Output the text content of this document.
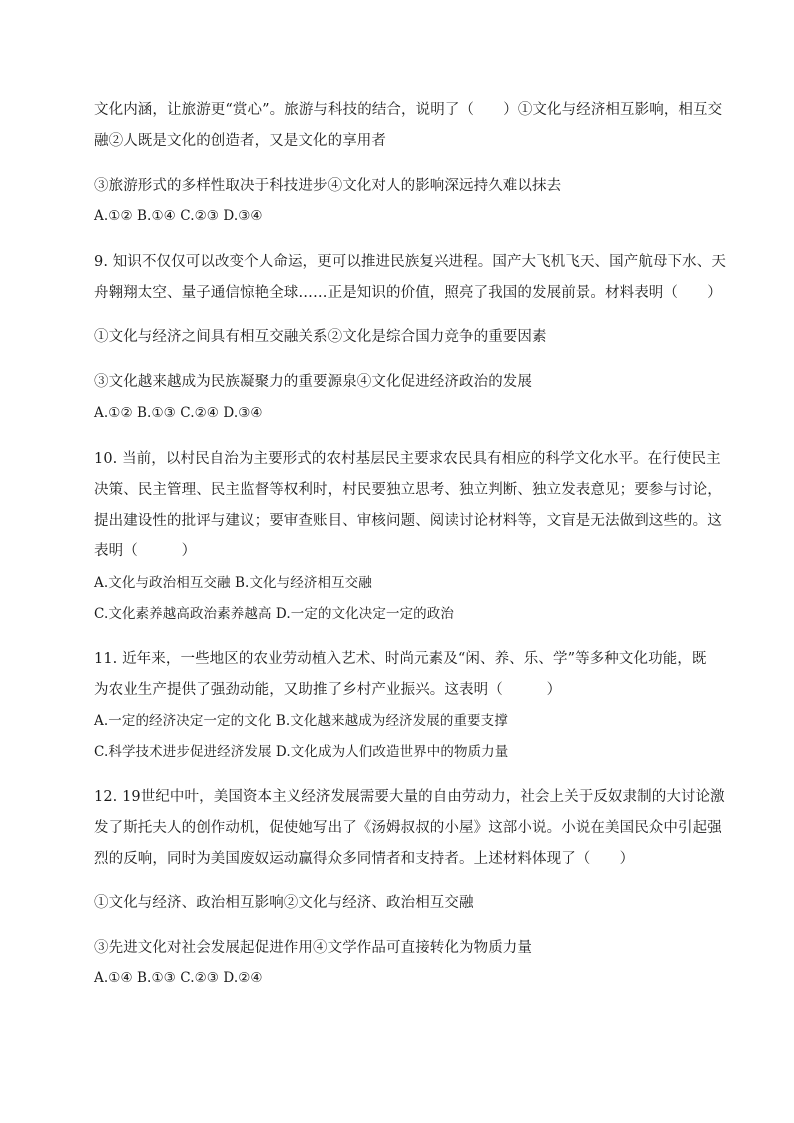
文化内涵，让旅游更“赏心”。旅游与科技的结合，说明了（　　）①文化与经济相互影响，相互交
融②人既是文化的创造者，又是文化的享用者
③旅游形式的多样性取决于科技进步④文化对人的影响深远持久难以抹去
A.①② B.①④ C.②③ D.③④
9. 知识不仅仅可以改变个人命运，更可以推进民族复兴进程。国产大飞机飞天、国产航母下水、天
舟翱翔太空、量子通信惊艳全球……正是知识的价值，照亮了我国的发展前景。材料表明（　　）
①文化与经济之间具有相互交融关系②文化是综合国力竞争的重要因素
③文化越来越成为民族凝聚力的重要源泉④文化促进经济政治的发展
A.①② B.①③ C.②④ D.③④
10. 当前，以村民自治为主要形式的农村基层民主要求农民具有相应的科学文化水平。在行使民主
决策、民主管理、民主监督等权利时，村民要独立思考、独立判断、独立发表意见；要参与讨论，
提出建设性的批评与建议；要审查账目、审核问题、阅读讨论材料等，文盲是无法做到这些的。这
表明（　　　）
A.文化与政治相互交融 B.文化与经济相互交融
C.文化素养越高政治素养越高 D.一定的文化决定一定的政治
11. 近年来，一些地区的农业劳动植入艺术、时尚元素及“闲、养、乐、学”等多种文化功能，既
为农业生产提供了强劲动能，又助推了乡村产业振兴。这表明（　　　）
A.一定的经济决定一定的文化 B.文化越来越成为经济发展的重要支撑
C.科学技术进步促进经济发展 D.文化成为人们改造世界中的物质力量
12. 19世纪中叶，美国资本主义经济发展需要大量的自由劳动力，社会上关于反奴隶制的大讨论激
发了斯托夫人的创作动机，促使她写出了《汤姆叔叔的小屋》这部小说。小说在美国民众中引起强
烈的反响，同时为美国废奴运动赢得众多同情者和支持者。上述材料体现了（　　）
①文化与经济、政治相互影响②文化与经济、政治相互交融
③先进文化对社会发展起促进作用④文学作品可直接转化为物质力量
A.①④ B.①③ C.②③ D.②④
